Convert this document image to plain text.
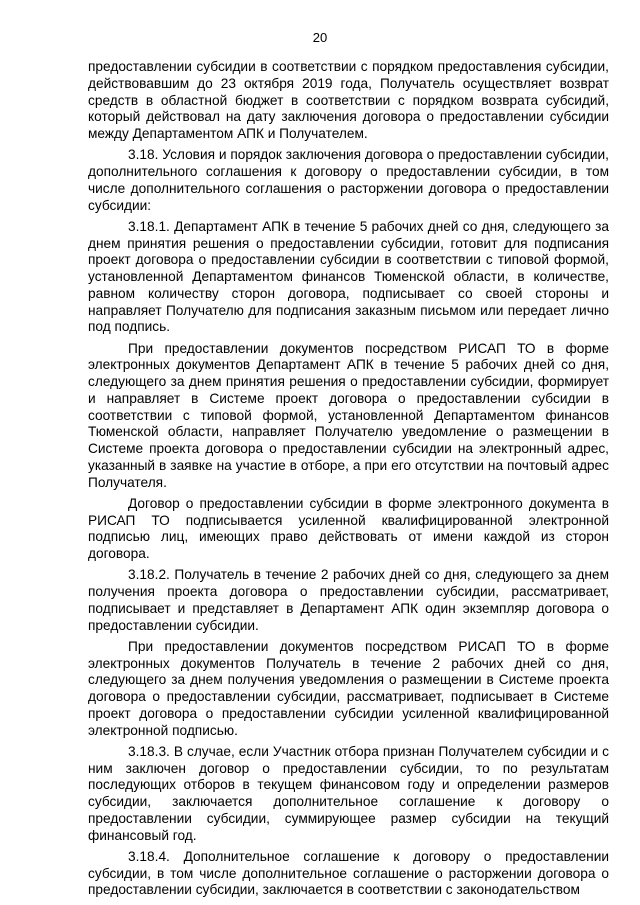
20

предоставлении субсидии в соответствии с порядком предоставления субсидии, действовавшим до 23 октября 2019 года, Получатель осуществляет возврат средств в областной бюджет в соответствии с порядком возврата субсидий, который действовал на дату заключения договора о предоставлении субсидии между Департаментом АПК и Получателем.

3.18. Условия и порядок заключения договора о предоставлении субсидии, дополнительного соглашения к договору о предоставлении субсидии, в том числе дополнительного соглашения о расторжении договора о предоставлении субсидии:

3.18.1. Департамент АПК в течение 5 рабочих дней со дня, следующего за днем принятия решения о предоставлении субсидии, готовит для подписания проект договора о предоставлении субсидии в соответствии с типовой формой, установленной Департаментом финансов Тюменской области, в количестве, равном количеству сторон договора, подписывает со своей стороны и направляет Получателю для подписания заказным письмом или передает лично под подпись.

При предоставлении документов посредством РИСАП ТО в форме электронных документов Департамент АПК в течение 5 рабочих дней со дня, следующего за днем принятия решения о предоставлении субсидии, формирует и направляет в Системе проект договора о предоставлении субсидии в соответствии с типовой формой, установленной Департаментом финансов Тюменской области, направляет Получателю уведомление о размещении в Системе проекта договора о предоставлении субсидии на электронный адрес, указанный в заявке на участие в отборе, а при его отсутствии на почтовый адрес Получателя.

Договор о предоставлении субсидии в форме электронного документа в РИСАП ТО подписывается усиленной квалифицированной электронной подписью лиц, имеющих право действовать от имени каждой из сторон договора.

3.18.2. Получатель в течение 2 рабочих дней со дня, следующего за днем получения проекта договора о предоставлении субсидии, рассматривает, подписывает и представляет в Департамент АПК один экземпляр договора о предоставлении субсидии.

При предоставлении документов посредством РИСАП ТО в форме электронных документов Получатель в течение 2 рабочих дней со дня, следующего за днем получения уведомления о размещении в Системе проекта договора о предоставлении субсидии, рассматривает, подписывает в Системе проект договора о предоставлении субсидии усиленной квалифицированной электронной подписью.

3.18.3. В случае, если Участник отбора признан Получателем субсидии и с ним заключен договор о предоставлении субсидии, то по результатам последующих отборов в текущем финансовом году и определении размеров субсидии, заключается дополнительное соглашение к договору о предоставлении субсидии, суммирующее размер субсидии на текущий финансовый год.

3.18.4. Дополнительное соглашение к договору о предоставлении субсидии, в том числе дополнительное соглашение о расторжении договора о предоставлении субсидии, заключается в соответствии с законодательством
